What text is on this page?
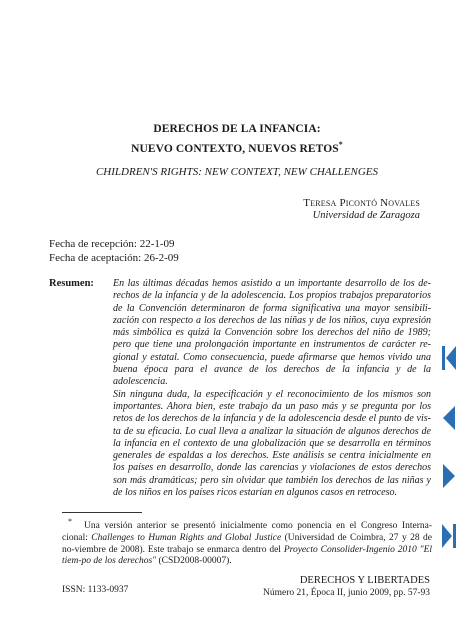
DERECHOS DE LA INFANCIA:
NUEVO CONTEXTO, NUEVOS RETOS*
CHILDREN'S RIGHTS: NEW CONTEXT, NEW CHALLENGES
Teresa Picontó Novales
Universidad de Zaragoza
Fecha de recepción: 22-1-09
Fecha de aceptación: 26-2-09
Resumen: En las últimas décadas hemos asistido a un importante desarrollo de los de-
rechos de la infancia y de la adolescencia. Los propios trabajos preparatorios
de la Convención determinaron de forma significativa una mayor sensibili-
zación con respecto a los derechos de las niñas y de los niños, cuya expresión
más simbólica es quizá la Convención sobre los derechos del niño de 1989;
pero que tiene una prolongación importante en instrumentos de carácter re-
gional y estatal. Como consecuencia, puede afirmarse que hemos vivido una
buena época para el avance de los derechos de la infancia y de la adolescencia.
Sin ninguna duda, la especificación y el reconocimiento de los mismos son
importantes. Ahora bien, este trabajo da un paso más y se pregunta por los
retos de los derechos de la infancia y de la adolescencia desde el punto de vis-
ta de su eficacia. Lo cual lleva a analizar la situación de algunos derechos de
la infancia en el contexto de una globalización que se desarrolla en términos
generales de espaldas a los derechos. Este análisis se centra inicialmente en
los países en desarrollo, donde las carencias y violaciones de estos derechos
son más dramáticas; pero sin olvidar que también los derechos de las niñas y
de los niños en los países ricos estarían en algunos casos en retroceso.

* Una versión anterior se presentó inicialmente como ponencia en el Congreso Interna-cional: Challenges to Human Rights and Global Justice (Universidad de Coimbra, 27 y 28 de no-viembre de 2008). Este trabajo se enmarca dentro del Proyecto Consolider-Ingenio 2010 "El tiem-po de los derechos" (CSD2008-00007).

ISSN: 1133-0937
DERECHOS Y LIBERTADES
Número 21, Época II, junio 2009, pp. 57-93
